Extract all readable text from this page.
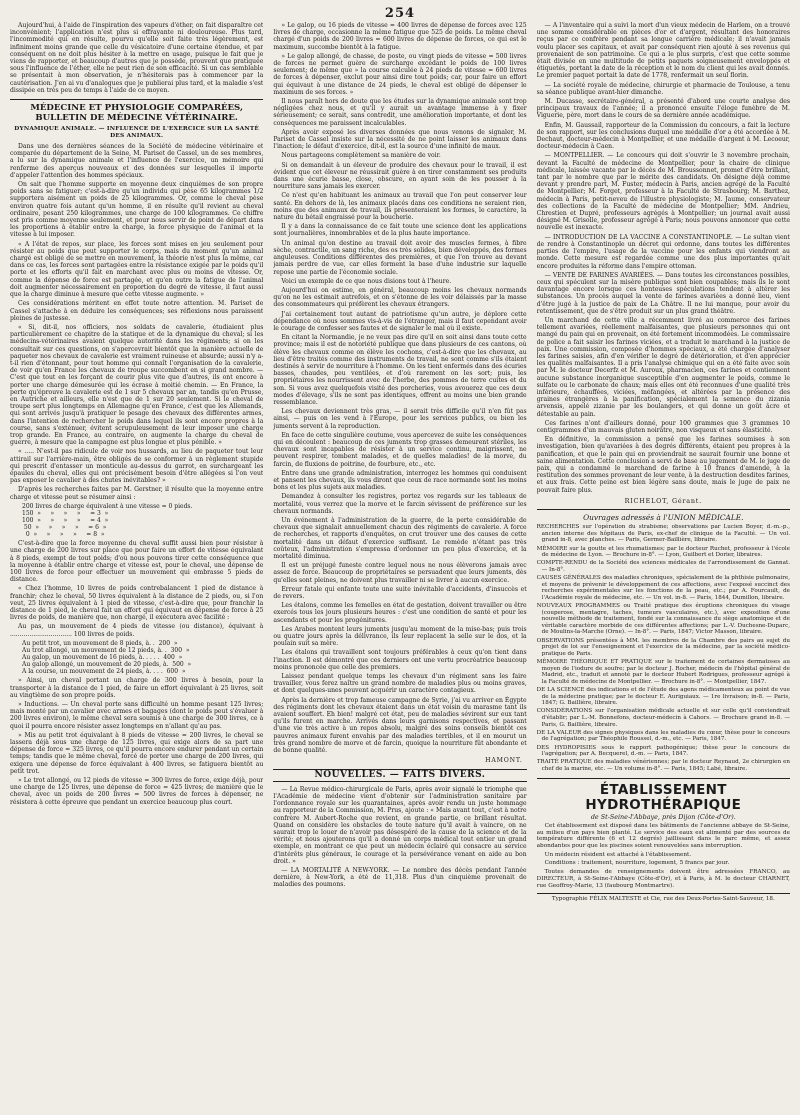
254

Aujourd'hui, à l'aide de l'inspiration des vapeurs d'éther, on fait disparaître cet inconvénient; l'application n'est plus si effrayante ni douloureuse. Plus tard, l'incommodité qui en résulte, pourvu qu'elle soit faite très légèrement, est infiniment moins grande que celle du vésicatoire d'une certaine étendue, et par conséquent on ne doit plus hésiter à la mettre en usage, puisque le fait que je viens de rapporter, et beaucoup d'autres que je possède, prouvent que pratiquée sous l'influence de l'éther, elle ne peut rien de son efficacité. Si un cas semblable se présentait à mon observation, je n'hésiterais pas à commencer par la cautérisation. J'en ai vu d'analogues que je publierai plus tard, et la maladie s'est dissipée en très peu de temps à l'aide de ce moyen.

MÉDECINE ET PHYSIOLOGIE COMPARÉES, BULLETIN DE MÉDECINE VÉTÉRINAIRE.
DYNAMIQUE ANIMALE. — INFLUENCE DE L'EXERCICE SUR LA SANTÉ DES ANIMAUX.

Dans une des dernières séances de la Société de médecine vétérinaire et comparée du département de la Seine, M. Pariset de Cassel, un de ses membres, a lu sur la dynamique animale et l'influence de l'exercice, un mémoire qui renferme des aperçus nouveaux et des données sur lesquelles il importe d'appeler l'attention des hommes spéciaux.

On sait que l'homme supporte en moyenne deux cinquièmes de son propre poids sans se fatiguer; c'est-à-dire qu'un individu qui pèse 65 kilogrammes 1/2 supportera aisément un poids de 25 kilogrammes. Or, comme le cheval pèse environ quatre fois autant qu'un homme, il en résulte qu'il revient au cheval ordinaire, pesant 250 kilogrammes, une charge de 100 kilogrammes. Ce chiffre est pris comme moyenne seulement, et pour nous servir de point de départ dans les proportions à établir entre la charge, la force physique de l'animal et la vitesse à lui imposer.

« A l'état de repos, sur place, les forces sont mises en jeu seulement pour résister au poids que peut supporter le corps, mais du moment qu'un animal chargé est obligé de se mettre en mouvement, la théorie n'est plus la même, car dans ce cas, les forces sont partagées entre la résistance exigée par le poids qu'il porte et les efforts qu'il fait en marchant avec plus ou moins de vitesse. Or, comme la dépense de force est partagée, et qu'en outre la fatigue de l'animal doit augmenter nécessairement en proportion du degré de vitesse, il faut aussi que la charge diminue à mesure que cette vitesse augmente. »

Ces considérations méritent en effet toute notre attention. M. Pariset de Cassel s'attache à en déduire les conséquences; ses réflexions nous paraissent pleines de justesse.

« Si, dit-il, nos officiers, nos soldats de cavalerie, étudiaient plus particulièrement ce chapitre de la statique et de la dynamique du cheval; si les médecins-vétérinaires avaient quelque autorité dans les régiments; si on les consultait sur ces questions, on s'apercevrait bientôt que la manière actuelle de paqueter nos chevaux de cavalerie est vraiment ruineuse et absurde; aussi n'y a-t-il rien d'étonnant, pour tout homme qui connaît l'organisation de la cavalerie, de voir qu'en France les chevaux de troupe succombent en si grand nombre. — C'est que tout en les forçant de courir plus vite que d'autres, ils ont encore à porter une charge démesurée qui les écrase à moitié chemin. — En France, la perte qu'éprouve la cavalerie est de 1 sur 5 chevaux par an, tandis qu'en Prusse, en Autriche et ailleurs, elle n'est que de 1 sur 20 seulement. Si le cheval de troupe sert plus longtemps en Allemagne qu'en France, c'est que les Allemands, qui sont arrivés jusqu'à pratiquer le pesage des chevaux des différentes armes, dans l'intention de rechercher le poids dans lequel ils sont encore propres à la course, sans s'exténuer, évitent scrupuleusement de leur imposer une charge trop grande. En France, au contraire, on augmente la charge du cheval de guerre, à mesure que la campagne est plus longue et plus pénible. »

« ..... N'est-il pas ridicule de voir nos hussards, au lieu de paqueter tout leur attirail sur l'arrière-main, être obligés de se conformer à un règlement stupide qui prescrit d'entasser un monticule au-dessus du garrot, en surchargeant les épaules du cheval, elles qui ont précisément besoin d'être allégées si l'on veut pas exposer le cavalier à des chutes inévitables? »

D'après les recherches faites par M. Gerstner, il résulte que la moyenne entre charge et vitesse peut se résumer ainsi :

200 livres de charge équivalent à une vitesse = 0 pieds.
150  »     »     »     »     = 3  »
100  »     »     »     »     = 4  »
50  »     »     »     »     = 6  »
0  »     »     »     »     = 8  »

C'est-à-dire que la force moyenne du cheval suffit aussi bien pour résister à une charge de 200 livres sur place que pour faire un effort de vitesse équivalant à 8 pieds, exempt de tout poids; d'où nous pouvons tirer cette conséquence que la moyenne à établir entre charge et vitesse est, pour le cheval, une dépense de 100 livres de force pour effectuer un mouvement qui embrasse 5 pieds de distance.

« Chez l'homme, 10 livres de poids contrebalancent 1 pied de distance à franchir; chez le cheval, 50 livres équivalent à la distance de 2 pieds, ou, si l'on veut, 25 livres équivalent à 1 pied de vitesse, c'est-à-dire que, pour franchir la distance de 1 pied, le cheval fait un effort qui équivaut en dépense de force à 25 livres de poids, de manière que, non chargé, il exécutera avec facilité :

Au pas, un mouvement de 4 pieds de vitesse (ou distance), équivant à ................................ 100 livres de poids.

Au petit trot, un mouvement de 8 pieds, à. .  200  »
Au trot allongé, un mouvement de 12 pieds, à. .  300  »
Au galop, un mouvement de 16 pieds, à. . . . .  400  »
Au galop allongé, un mouvement de 20 pieds, à.  500  »
A la course, un mouvement de 24 pieds, à. . . .  600  »

» Ainsi, un cheval portant un charge de 300 livres à besoin, pour la transporter à la distance de 1 pied, de faire un effort équivalant à 25 livres, soit au vingtième de son propre poids.

» Inductions. — Un cheval porte sans difficulté un homme pesant 125 livres; mais monté par un cavalier avec armes et bagages (dont le poids peut s'évaluer à 200 livres environ), le même cheval sera soumis à une charge de 300 livres, ce à quoi il pourra encore résister assez longtemps en n'allant qu'au pas.

» Mis au petit trot équivalant à 8 pieds de vitesse = 200 livres, le cheval se lassera déjà sous une charge de 125 livres, qui exige alors de sa part une dépense de force = 325 livres, ce qu'il pourra encore endurer pendant un certain temps; tandis que le même cheval, forcé de porter une charge de 200 livres, qui exigera une dépense de force équivalant à 400 livres, se fatiguera bientôt au petit trot.

» Le trot allongé, ou 12 pieds de vitesse = 300 livres de force, exige déjà, pour une charge de 125 livres, une dépense de force = 425 livres; de manière que le cheval, avec un poids de 200 livres = 500 livres de forces à dépenser, ne résistera à cette épreuve que pendant un exercice beaucoup plus court.

» Le galop, ou 16 pieds de vitesse = 400 livres de dépense de forces avec 125 livres de charge, occasionne la même fatigue que 525 de poids. Le même cheval chargé d'un poids de 200 livres = 600 livres de dépense de forces, ce qui est le maximum, succombe bientôt à la fatigue.

» Le galop allongé, de chasse, de poste, ou vingt pieds de vitesse = 500 livres de forces ne permet guère de surcharge excédant le poids de 100 livres seulement; de même que » la course calculée à 24 pieds de vitesse = 600 livres de forces à dépenser, exclut pour ainsi dire tout poids; car, pour faire un effort qui équivaut à une distance de 24 pieds, le cheval est obligé de dépenser le maximum de ses forces. »

Il nous paraît hors de doute que les études sur la dynamique animale sont trop négligées chez nous, et qu'il y aurait un avantage immense à y fixer sérieusement; ce serait, sans contredit, une amélioration importante, et dont les conséquences me paraissent incalculables.

Après avoir exposé les diverses données que nous venons de signaler, M. Pariset de Cassel insiste sur la nécessité de ne point laisser les animaux dans l'inaction; le défaut d'exercice, dit-il, est la source d'une infinité de maux.

Nous partageons complètement sa manière de voir.

Si on demandait à un éleveur de produire des chevaux pour le travail, il est évident que cet éleveur ne réussirait guère à en tirer constamment ses produits dans une écurie basse, close, obscure, en ayant soin de les pousser à la nourriture sans jamais les exercer.

Ce n'est qu'en habituant les animaux au travail que l'on peut conserver leur santé. En dehors de là, les animaux placés dans ces conditions ne seraient rien, moins que des animaux de travail, ils présenteraient les formes, le caractère, la nature du bétail engraissé pour la boucherie.

Il y a dans la connaissance de ce fait toute une science dont les applications sont journalières, innombrables et de la plus haute importance.

Un animal qu'on destine au travail doit avoir des muscles fermes, à fibre sèche, contractile, un sang riche, des os très solides, bien développés, des formes anguleuses. Conditions différentes des premières, et que l'on trouve au devant jamais perdre de vue, car elles forment la base d'une industrie sur laquelle repose une partie de l'économie sociale.

Voici un exemple de ce que nous disions tout à l'heure.

Aujourd'hui on estime, en général, beaucoup moins les chevaux normands qu'on ne les estimait autrefois, et on s'étonne de les voir délaissés par la masse des consommateurs qui préfèrent les chevaux étrangers.

J'ai certainement tout autant de patriotisme qu'un autre, je déplore cette dépendance où nous sommes vis-à-vis de l'étranger, mais il faut cependant avoir le courage de confesser ses fautes et de signaler le mal où il existe.

En citant la Normandie, je ne veux pas dire qu'il en soit ainsi dans toute cette province; mais il est de notoriété publique que dans plusieurs de ces cantons, où élève les chevaux comme on élève les cochons, c'est-à-dire que les chevaux, au lieu d'être traités comme des instruments de travail, ne sont comme s'ils étaient destinés à servir de nourriture à l'homme. On les tient enfermés dans des écuries basses, chaudes, peu ventilées, et d'où rarement on les sort; puis, les propriétaires les nourrissent avec de l'herbe, des pommes de terre cuites et du son. Si vous avez quelquefois visité des porcheries, vous avouerez que ces deux modes d'élevage, s'ils ne sont pas identiques, offrent au moins une bien grande ressemblance.

Les chevaux deviennent très gras, — il serait très difficile qu'il n'en fût pas ainsi, — puis on les vend à l'Europe, pour les services publics, ou bien les juments servent à la reproduction.

En face de cette singulière coutume, vous apercevez de suite les conséquences qui en découlent : beaucoup de ces juments trop grasses demeurent stériles, les chevaux sont incapables de résister à un service continu, maigrissent, ne peuvent respirer, tombent malades, et de quelles maladies! de la morve, du farcin, de fluxions de poitrine, de fourbure, etc., etc.

Entre dans une grande administration, interrogez les hommes qui conduisent et pansent les chevaux, ils vous diront que ceux de race normande sont les moins bons et les plus sujets aux maladies.

Demandez à consulter les registres, portez vos regards sur les tableaux de mortalité, vous verrez que la morve et le farcin sévissent de préférence sur les chevaux normands.

Un événement à l'administration de la guerre, de la perte considérable de chevaux que signalait annuellement chacun des régiments de cavalerie. A force de recherches, et rapports d'enquêtes, on crut trouver une des causes de cette mortalité dans un défaut d'exercice suffisant. Le remède n'étant pas très coûteux, l'administration s'empressa d'ordonner un peu plus d'exercice, et la mortalité diminua.

Il est un préjugé funeste contre lequel nous ne nous élèverons jamais avec assez de force. Beaucoup de propriétaires se persuadent que leurs juments, dès qu'elles sont pleines, ne doivent plus travailler ni se livrer à aucun exercice.

Erreur fatale qui enfante toute une suite inévitable d'accidents, d'insuccès et de revers.

Les étalons, comme les femelles en état de gestation, doivent travailler ou être exercés tous les jours plusieurs heures : c'est une condition de santé et pour les ascendants et pour les progénitures.

Les Arabes montent leurs juments jusqu'au moment de la mise-bas; puis trois ou quatre jours après la délivrance, ils leur replacent la selle sur le dos, et la poulain suit sa mère.

Les étalons qui travaillent sont toujours préférables à ceux qu'on tient dans l'inaction. Il est démontré que ces derniers ont une vertu procréatrice beaucoup moins prononcée que celle des premiers.

Laissez pendant quelque temps les chevaux d'un régiment sans les faire travailler, vous ferez naître un grand nombre de maladies plus ou moins graves, et dont quelques-unes peuvent acquérir un caractère contagieux.

Après la dernière et trop fameuse campagne de Syrie, j'ai vu arriver en Égypte des régiments dont les chevaux étaient dans un état voisin du marasme tant ils avaient souffert. Eh bien! malgré cet état, peu de maladies sévirent sur eux tant qu'ils furent en marche. Arrivés dans leurs garnisons respectives, et passant d'une vie très active à un repos absolu, malgré des soins conseils bientôt ces pauvres animaux furent envahis par des maladies terribles, et il en mourut un très grand nombre de morve et de farcin, quoique la nourriture fût abondante et de bonne qualité.

HAMONT.
NOUVELLES. — FAITS DIVERS.

— La Revue médico-chirurgicale de Paris, après avoir signalé le triomphe que l'Académie de médecine vient d'obtenir sur l'administration sanitaire par l'ordonnance royale sur les quarantaines, après avoir rendu un juste hommage au rapporteur de la Commission, M. Prus, ajoute : « Mais avant tout, c'est à notre confrère M. Aubert-Roche que revient, en grande partie, ce brillant résultat. Quand on considère les obstacles de toute nature qu'il avait à vaincre, on ne saurait trop le louer de n'avoir pas désespéré de la cause de la science et de la vérité; et nous ajouterons qu'il a donné un corps médical tout entier un grand exemple, en montrant ce que peut un médecin éclairé qui consacre au service d'intérêts plus généraux, le courage et la persévérance venant en aide au bon droit. »

— LA MORTALITÉ A NEW-YORK. — Le nombre des décès pendant l'année dernière, à New-York, a été de 11,318. Plus d'un cinquième provenait de maladies des poumons.

— A l'inventaire qui a suivi la mort d'un vieux médecin de Harlem, on a trouvé une somme considérable en pièces d'or et d'argent, résultant des honoraires reçus par ce confrère pendant sa longue carrière médicale; il n'avait jamais voulu placer ses capitaux, et avait par conséquent rien ajouté à ses revenus qui provenaient de son patrimoine. Ce qui a le plus surpris, c'est que cette somme était divisée en une multitude de petits paquets soigneusement enveloppés et étiquetés, portant la date de la réception et le nom du client qui les avait donnés. Le premier paquet portait la date de 1778, renfermait un seul florin.

— La société royale de médecine, chirurgie et pharmacie de Toulouse, a tenu sa séance publique avant-hier dimanche.

M. Ducasse, secrétaire-général, a présenté d'abord une courte analyse des principaux travaux de l'année; il a prononcé ensuite l'éloge funèbre de M. Viguerie, père, mort dans le cours de sa dernière année académique.

Enfin, M. Gaussail, rapporteur de la Commission du concours, a fait la lecture de son rapport, sur les conclusions duquel une médaille d'or a été accordée à M. Dechaut, docteur-médecin à Montpellier, et une médaille d'argent à M. Lecoeur, docteur-médecin à Caen.

— MONTPELLIER. — Le concours qui doit s'ouvrir le 3 novembre prochain, devant la Faculté de médecine de Montpellier, pour la chaire de clinique médicale, laissée vacante par le décès de M. Broussonnet, promet d'être brillant, tant par le nombre que par le mérite des candidats. On désigne déjà comme devant y prendre part, M. Fuster, médecin à Paris, ancien agrégé de la Faculté de Montpellier; M. Forget, professeur à la Faculté de Strasbourg; M. Barthez, médecin à Paris, petit-neveu de l'illustre physiologiste; M. Jaume, conservateur des collections de la Faculté de médecine de Montpellier; MM. Andrieu, Chrestien et Dupré, professeurs agrégés à Montpellier; un journal avait aussi désigné M. Grisolle, professeur agrégé à Paris; nous pouvons annoncer que cette nouvelle est inexacte.

— INTRODUCTION DE LA VACCINE A CONSTANTINOPLE. — Le sultan vient de rendre à Constantinople un décret qui ordonne, dans toutes les différentes parties de l'empire, l'usage de la vaccine pour les enfants qui viendront au monde. Cette mesure est regardée comme une des plus importantes qu'ait encore produites la réforme dans l'empire ottoman.

— VENTE DE FARINES AVARIÉES. — Dans toutes les circonstances possibles, ceux qui spéculent sur la misère publique sont bien coupables; mais ils le sont davantage encore lorsque ces honteuses spéculations tendent à altérer les substances. Un procès auquel la vente de farines avariées a donné lieu, vient d'être jugé à la justice de paix de La Châtre. Il ne lui manque, pour avoir du retentissement, que de s'être produit sur un plus grand théâtre.

Un marchand de cette ville a récemment livré au commerce des farines tellement avariées, réellement malfaisantes, que plusieurs personnes qui ont mangé du pain qui en provenait, on été fortement incommodées. Le commissaire de police a fait saisir les farines viciées, et a traduit le marchand à la justice de paix. Une commission, composée d'hommes spéciaux, a été chargée d'analyser les farines saisies, afin d'en vérifier le degré de détérioration, et d'en apprécier les qualités malfaisantes. Il a pris l'analyse chimique qui en a été faite avec soin par M. le docteur Decerfz et M. Auroux, pharmacien, ces farines et contiennent aucune substance inorganique susceptible d'en augmenter le poids, comme le sulfate ou le carbonate de chaux; mais elles ont été reconnues d'une qualité très inférieure, échauffées, viciées, méfangées, et altérées par la présence des graines étrangères à la panification, spécialement la semence du zizania arvensis, appelé zizanie par les boulangers, et qui donne un goût âcre et détestable au pain.

Ces farines n'ont d'ailleurs donné, pour 100 grammes que 3 grammes 10 centigrammes d'un mauvais gluten noirâtre, non visqueux et sans élasticité.

En définitive, la commission a pensé que les farines soumises à son investigation, bien qu'avariées à des degrés différents, étaient peu propres à la panification, et que le pain qui en proviendrait ne saurait fournir une bonne et saine alimentation. Cette conclusion a servi de base au jugement de M. le juge de paix, qui a condamné le marchand de farine à 10 francs d'amende, à la restitution des sommes provenant de leur vente, à la destruction desdites farines, et aux frais. Cette peine est bien légère sans doute, mais le juge de paix ne pouvait faire plus.

RICHELOT, Gérant.
Ouvrages adressés à l'UNION MÉDICALE.

RECHERCHES sur l'opération du strabisme; observations par Lucien Boyer, d.-m.-p., ancien interne des hôpitaux de Paris, ex-chef de clinique de la Faculté. — Un vol. grand in-8, avec planches. — Paris, Germer-Baillière, libraire.

MÉMOIRE sur la goutte et les rhumatismes; par le docteur Ruchet, professeur à l'école de médecine de Lyon. — Brochure in-8°. — Lyon, Guilbert et Dorier, libraires.

COMPTE-RENDU de la Société des sciences médicales de l'arrondissement de Gannat. — In-8°.

CAUSES GÉNÉRALES des maladies chroniques, spécialement de la phthisie pulmonaire, et moyens de prévenir le développement de ces affections, avec l'exposé succinct des recherches expérimentales sur les fonctions de la peau, etc.; par A. Fourcault, de l'Académie royale de médecine, etc. — Un vol. in-8. — Paris, 1844, Dumillon, libraire.

NOUVEAUX PROGRAMMES ou Traité pratique des éruptions chroniques du visage (couperose, mentagre, taches, tumeurs vasculaires, etc.), avec exposition d'une nouvelle méthode de traitement, fondé sur la connaissance du siège anatomique et de véritable caractère morbide de ces différentes affections; par L.-V. Duchesne-Duparc, de Moulins-la-Marche (Orne). — In-8°. — Paris, 1847; Victor Masson, libraire.

OBSERVATIONS présentées à MM. les membres de la Chambre des pairs au sujet du projet de loi sur l'enseignement et l'exercice de la médecine, par la société médico-pratique de Paris.

MÉMOIRE THÉORIQUE ET PRATIQUE sur le traitement de certaines dermatoses au moyen de l'iodure de soufre; par le docteur J. Rocher, médecin de l'hôpital général de Madrid, etc., traduit et annoté par le docteur Hubert Rodrigues, professeur agrégé à la Faculté de médecine de Montpellier. — Brochure in-8°. — Montpellier, 1847.

DE LA SCIENCE des indications et de l'étude des agens médicamenteux au point de vue de la médecine pratique; par le docteur E. Auriguiaux. — 1re livraison; in-8. — Paris, 1847; G. Baillière, libraire.

CONSIDÉRATIONS sur l'organisation médicale actuelle et sur celle qu'il conviendrait d'établir; par L.-M. Bonnefons, docteur-médecin à Cahors. — Brochure grand in-8. — Paris, G. Baillière, libraire.

DE LA VALEUR des signes physiques dans les maladies du cœur, thèse pour le concours de l'agrégation; par Théophile Roussel, d.-m., etc. — Paris, 1847.

DES HYDROPISIES sous le rapport pathogénique; thèse pour le concours de l'agrégation; par A. Becquerel, d.-m. — Paris, 1847.

TRAITÉ PRATIQUE des maladies vénériennes; par le docteur Reynaud, 2e chirurgien en chef de la marine, etc. — Un volume in-8°. — Paris, 1845; Labé, libraire.

ÉTABLISSEMENT HYDROTHÉRAPIQUE
de St-Seine-l'Abbaye, près Dijon (Côte-d'Or).

Cet établissement est disposé dans les bâtiments de l'ancienne abbaye de St-Seine, au milieu d'un pays bien planté. Le service des eaux est alimenté par des sources de température différente (6 et 12 degrés) jaillissant dans le parc même, et assez abondantes pour que les piscines soient renouvelées sans interruption.

Un médecin résident est attaché à l'établissement.

Conditions : traitement, nourriture, logement, 5 francs par jour.

Toutes demandes de renseignements doivent être adressées FRANCO, au DIRECTEUR, à St-Seine-l'Abbaye (Côte-d'Or), et à Paris, à M. le docteur CHARNET, rue Geoffroy-Marie, 13 (faubourg Montmartre).

Typographie FÉLIX MALTESTE et Cie, rue des Deux-Portes-Saint-Sauveur, 18.
